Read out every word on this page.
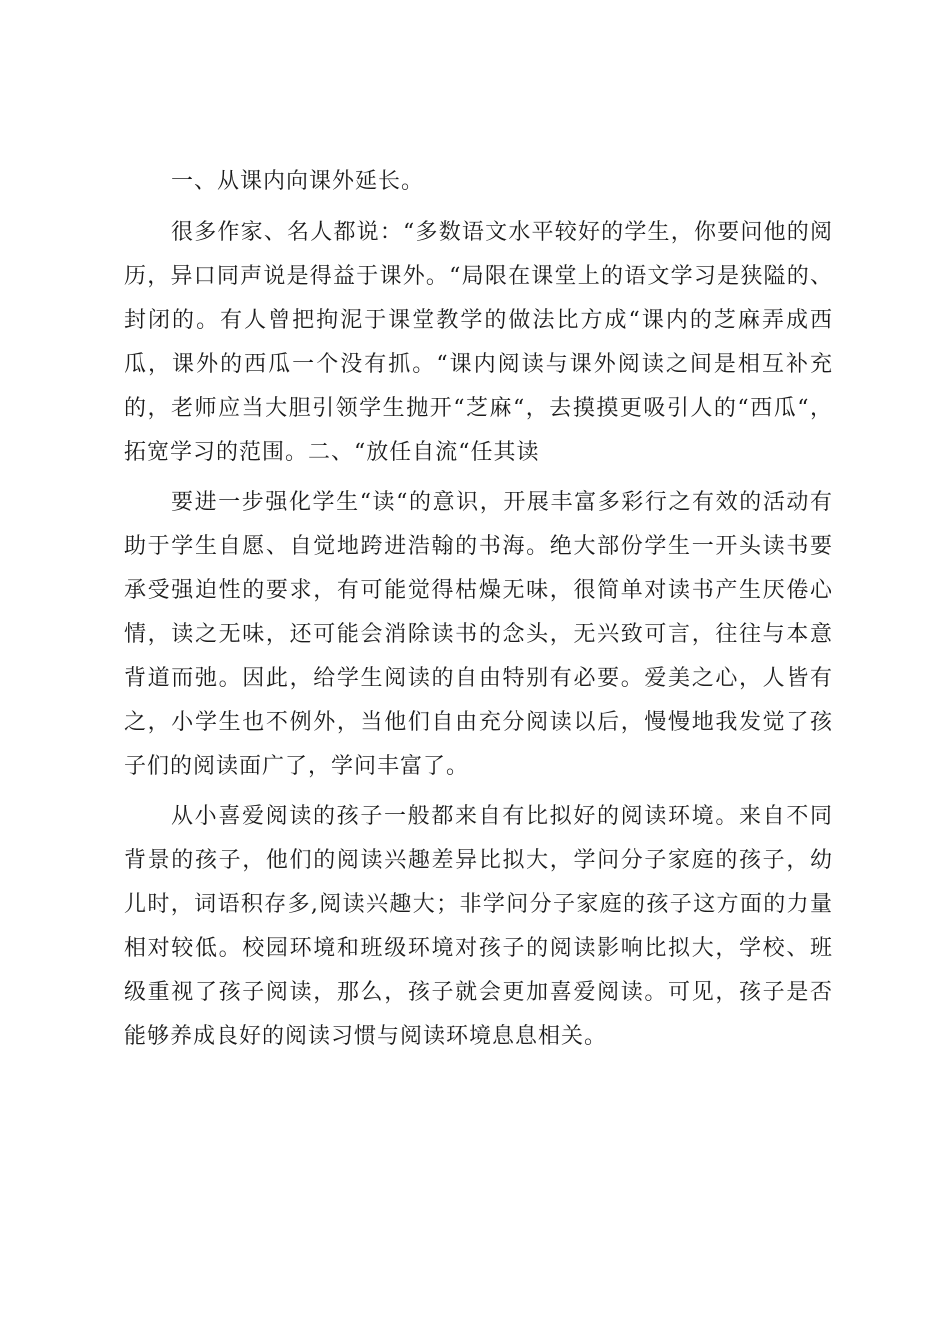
一、从课内向课外延长。

很多作家、名人都说：“多数语文水平较好的学生，你要问他的阅历，异口同声说是得益于课外。“局限在课堂上的语文学习是狭隘的、封闭的。有人曾把拘泥于课堂教学的做法比方成“课内的芝麻弄成西瓜，课外的西瓜一个没有抓。“课内阅读与课外阅读之间是相互补充的，老师应当大胆引领学生抛开“芝麻“，去摸摸更吸引人的“西瓜“，拓宽学习的范围。二、“放任自流“任其读

要进一步强化学生“读“的意识，开展丰富多彩行之有效的活动有助于学生自愿、自觉地跨进浩翰的书海。绝大部份学生一开头读书要承受强迫性的要求，有可能觉得枯燥无味，很简单对读书产生厌倦心情，读之无味，还可能会消除读书的念头，无兴致可言，往往与本意背道而弛。因此，给学生阅读的自由特别有必要。爱美之心，人皆有之，小学生也不例外，当他们自由充分阅读以后，慢慢地我发觉了孩子们的阅读面广了，学问丰富了。

从小喜爱阅读的孩子一般都来自有比拟好的阅读环境。来自不同背景的孩子，他们的阅读兴趣差异比拟大，学问分子家庭的孩子，幼儿时，词语积存多,阅读兴趣大；非学问分子家庭的孩子这方面的力量相对较低。校园环境和班级环境对孩子的阅读影响比拟大，学校、班级重视了孩子阅读，那么，孩子就会更加喜爱阅读。可见，孩子是否能够养成良好的阅读习惯与阅读环境息息相关。
